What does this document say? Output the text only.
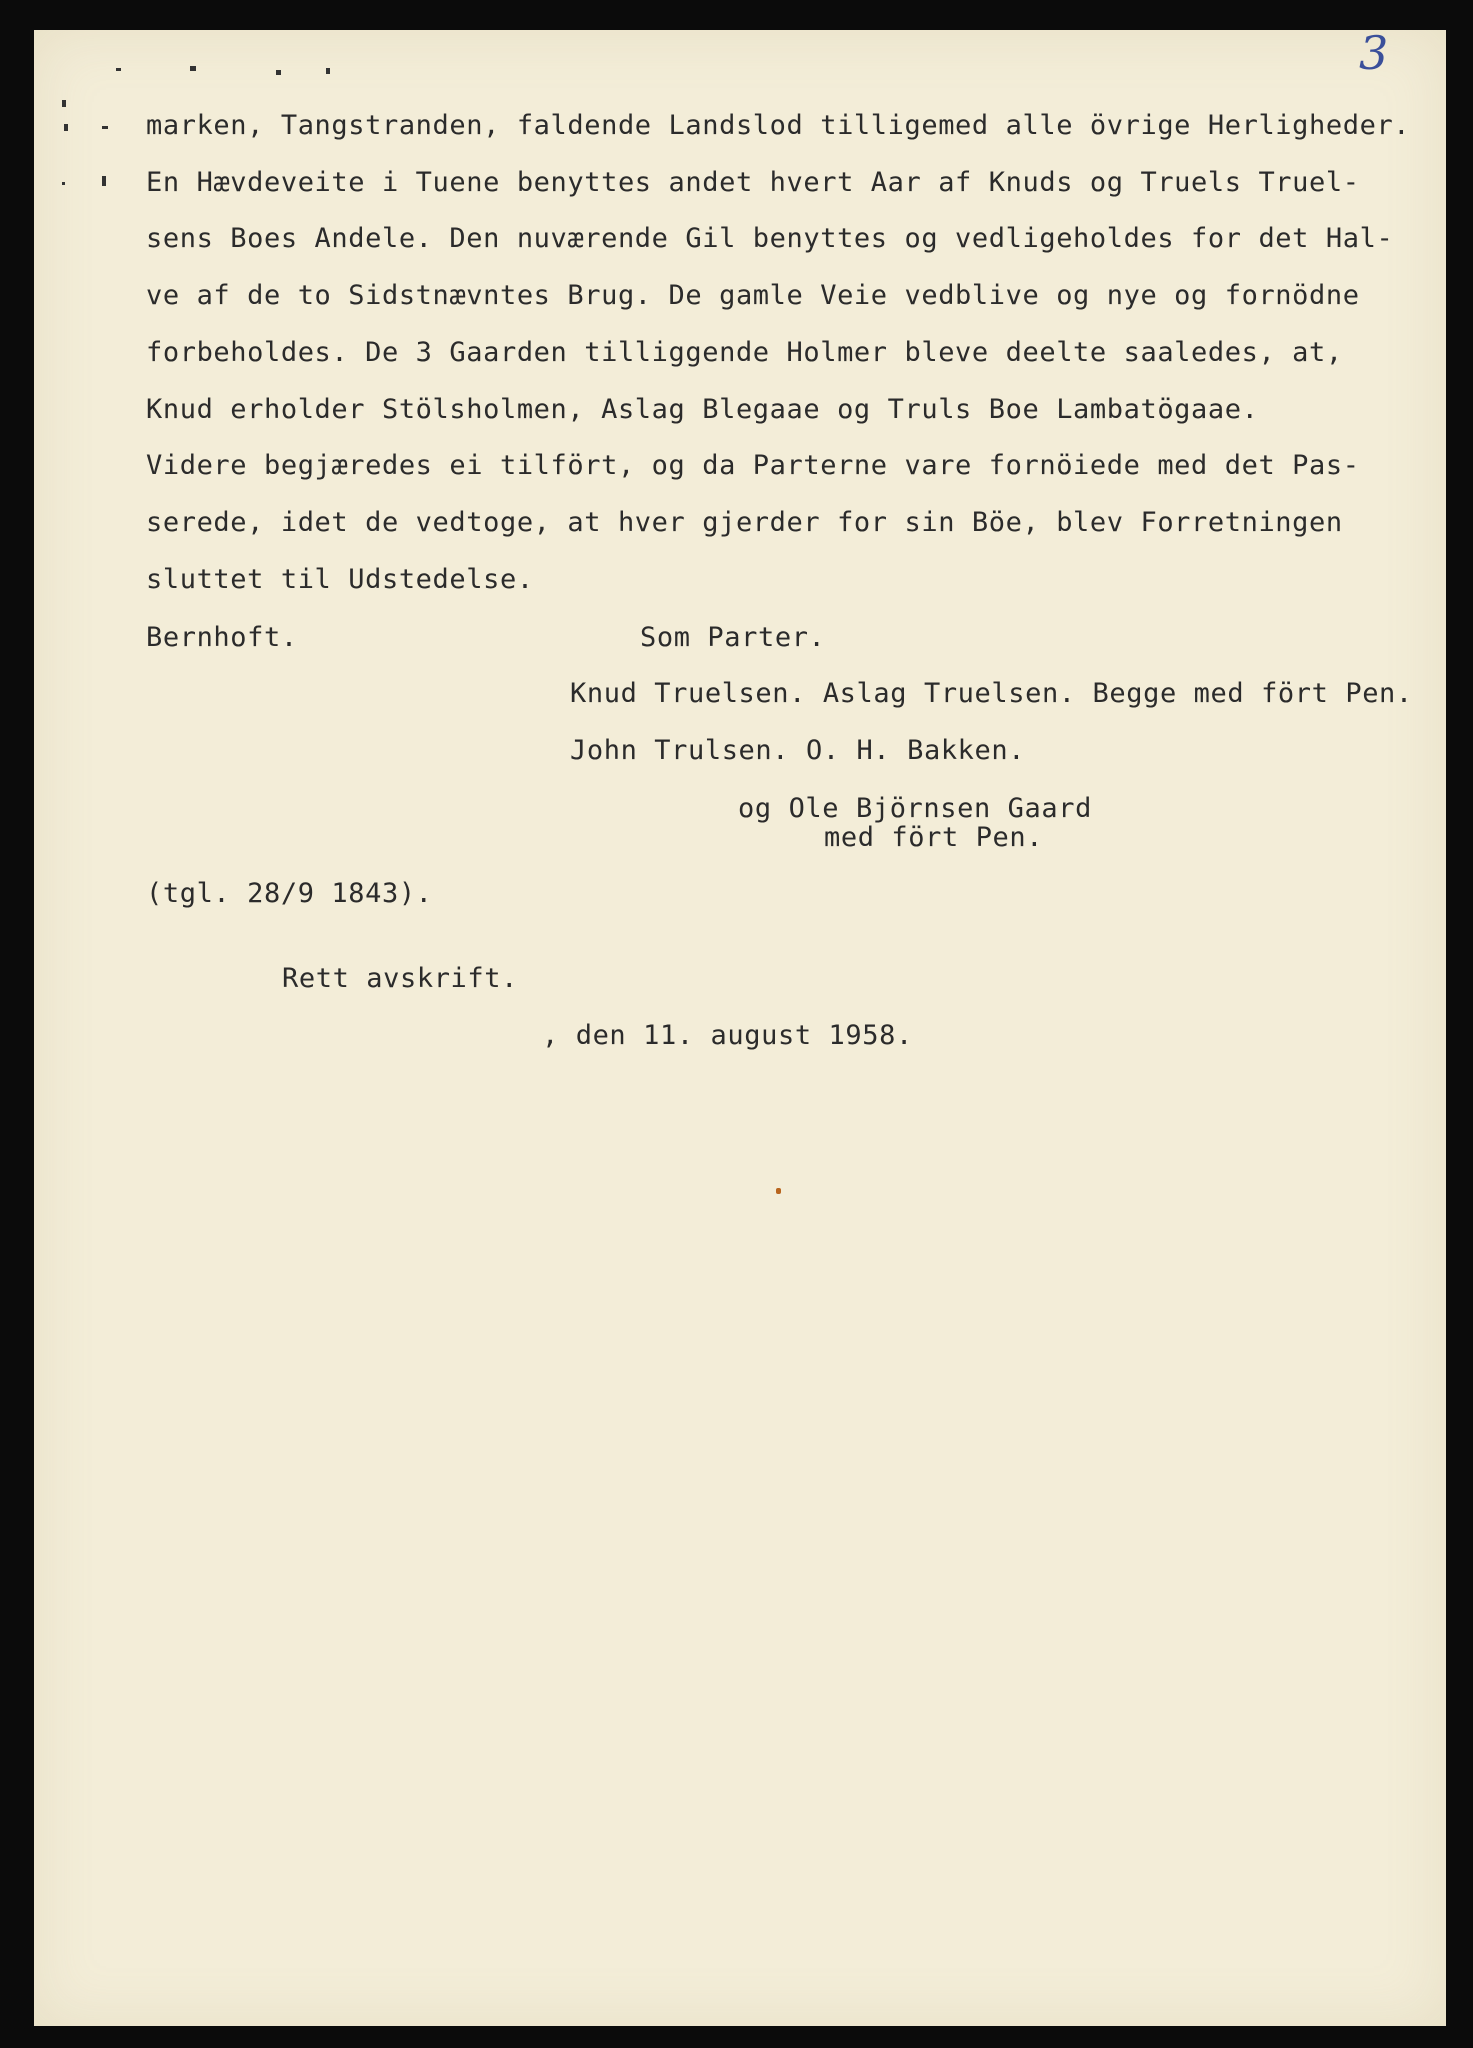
3
marken, Tangstranden, faldende Landslod tilligemed alle övrige Herligheder.
En Hævdeveite i Tuene benyttes andet hvert Aar af Knuds og Truels Truel-
sens Boes Andele. Den nuværende Gil benyttes og vedligeholdes for det Hal-
ve af de to Sidstnævntes Brug. De gamle Veie vedblive og nye og fornödne
forbeholdes. De 3 Gaarden tilliggende Holmer bleve deelte saaledes, at,
Knud erholder Stölsholmen, Aslag Blegaae og Truls Boe Lambatögaae.
Videre begjæredes ei tilfört, og da Parterne vare fornöiede med det Pas-
serede, idet de vedtoge, at hver gjerder for sin Böe, blev Forretningen
sluttet til Udstedelse.
Bernhoft.	Som Parter.
Knud Truelsen. Aslag Truelsen. Begge med fört Pen.
John Trulsen. O. H. Bakken.
og Ole Björnsen Gaard
med fört Pen.
(tgl. 28/9 1843).
Rett avskrift.
, den 11. august 1958.
